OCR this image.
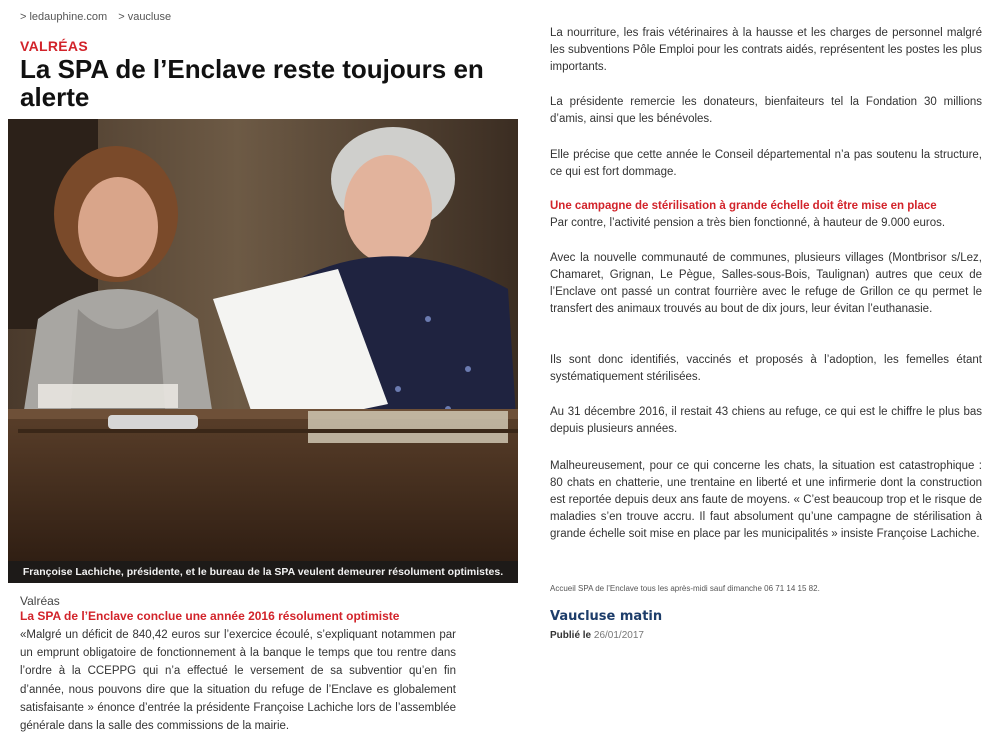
> ledauphine.com > vaucluse
VALRÉAS
La SPA de l’Enclave reste toujours en alerte
Françoise Lachiche, présidente, et le bureau de la SPA veulent demeurer résolument optimistes.
Valréas
La SPA de l’Enclave conclue une année 2016 résolument optimiste

«Malgré un déficit de 840,42 euros sur l’exercice écoulé, s’expliquant notammen par un emprunt obligatoire de fonctionnement à la banque le temps que tou rentre dans l’ordre à la CCEPPG qui n’a effectué le versement de sa subventior qu’en fin d’année, nous pouvons dire que la situation du refuge de l’Enclave es globalement satisfaisante » énonce d’entrée la présidente Françoise Lachiche lors de l’assemblée générale dans la salle des commissions de la mairie.

La nourriture, les frais vétérinaires à la hausse et les charges de personnel malgré les subventions Pôle Emploi pour les contrats aidés, représentent les postes les plus importants.

La présidente remercie les donateurs, bienfaiteurs tel la Fondation 30 millions d’amis, ainsi que les bénévoles.

Elle précise que cette année le Conseil départemental n’a pas soutenu la structure, ce qui est fort dommage.

Une campagne de stérilisation à grande échelle doit être mise en place

Par contre, l’activité pension a très bien fonctionné, à hauteur de 9.000 euros.

Avec la nouvelle communauté de communes, plusieurs villages (Montbrisor s/Lez, Chamaret, Grignan, Le Pègue, Salles-sous-Bois, Taulignan) autres que ceux de l’Enclave ont passé un contrat fourrière avec le refuge de Grillon ce qu permet le transfert des animaux trouvés au bout de dix jours, leur évitan l’euthanasie.

Ils sont donc identifiés, vaccinés et proposés à l’adoption, les femelles étant systématiquement stérilisées.

Au 31 décembre 2016, il restait 43 chiens au refuge, ce qui est le chiffre le plus bas depuis plusieurs années.

Malheureusement, pour ce qui concerne les chats, la situation est catastrophique : 80 chats en chatterie, une trentaine en liberté et une infirmerie dont la construction est reportée depuis deux ans faute de moyens. « C’est beaucoup trop et le risque de maladies s’en trouve accru. Il faut absolument qu’une campagne de stérilisation à grande échelle soit mise en place par les municipalités » insiste Françoise Lachiche.

Accueil SPA de l’Enclave tous les après-midi sauf dimanche 06 71 14 15 82.
Vaucluse matin
Publié le 26/01/2017
